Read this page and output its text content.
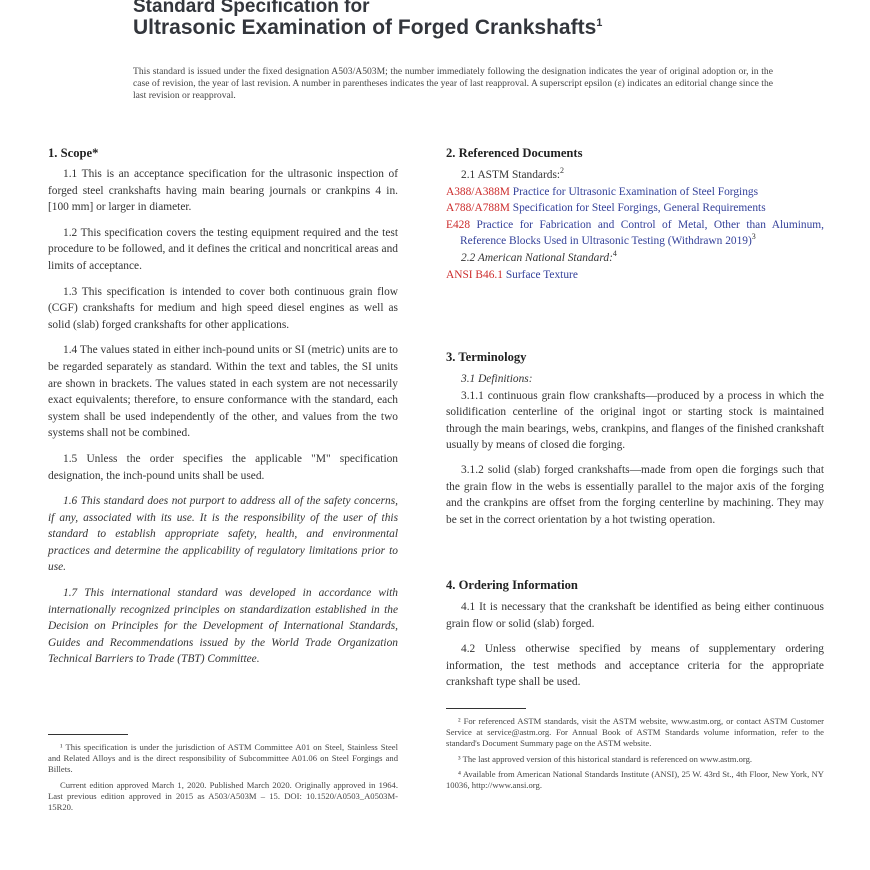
Standard Specification for
Ultrasonic Examination of Forged Crankshafts$^1$
This standard is issued under the fixed designation A503/A503M; the number immediately following the designation indicates the year of original adoption or, in the case of revision, the year of last revision. A number in parentheses indicates the year of last reapproval. A superscript epsilon (ε) indicates an editorial change since the last revision or reapproval.

1. Scope*

1.1 This is an acceptance specification for the ultrasonic inspection of forged steel crankshafts having main bearing journals or crankpins 4 in. [100 mm] or larger in diameter.

1.2 This specification covers the testing equipment required and the test procedure to be followed, and it defines the critical and noncritical areas and limits of acceptance.

1.3 This specification is intended to cover both continuous grain flow (CGF) crankshafts for medium and high speed diesel engines as well as solid (slab) forged crankshafts for other applications.

1.4 The values stated in either inch-pound units or SI (metric) units are to be regarded separately as standard. Within the text and tables, the SI units are shown in brackets. The values stated in each system are not necessarily exact equivalents; therefore, to ensure conformance with the standard, each system shall be used independently of the other, and values from the two systems shall not be combined.

1.5 Unless the order specifies the applicable "M" specification designation, the inch-pound units shall be used.

1.6 This standard does not purport to address all of the safety concerns, if any, associated with its use. It is the responsibility of the user of this standard to establish appropriate safety, health, and environmental practices and determine the applicability of regulatory limitations prior to use.

1.7 This international standard was developed in accordance with internationally recognized principles on standardization established in the Decision on Principles for the Development of International Standards, Guides and Recommendations issued by the World Trade Organization Technical Barriers to Trade (TBT) Committee.

¹ This specification is under the jurisdiction of ASTM Committee A01 on Steel, Stainless Steel and Related Alloys and is the direct responsibility of Subcommittee A01.06 on Steel Forgings and Billets.

Current edition approved March 1, 2020. Published March 2020. Originally approved in 1964. Last previous edition approved in 2015 as A503/A503M – 15. DOI: 10.1520/A0503_A0503M-15R20.

2. Referenced Documents

2.1 ASTM Standards:$^2$

A388/A388M Practice for Ultrasonic Examination of Steel Forgings

A788/A788M Specification for Steel Forgings, General Requirements

E428 Practice for Fabrication and Control of Metal, Other than Aluminum, Reference Blocks Used in Ultrasonic Testing (Withdrawn 2019)$^3$

2.2 American National Standard:$^4$

ANSI B46.1 Surface Texture

3. Terminology

3.1 Definitions:

3.1.1 continuous grain flow crankshafts—produced by a process in which the solidification centerline of the original ingot or starting stock is maintained through the main bearings, webs, crankpins, and flanges of the finished crankshaft usually by means of closed die forging.

3.1.2 solid (slab) forged crankshafts—made from open die forgings such that the grain flow in the webs is essentially parallel to the major axis of the forging and the crankpins are offset from the forging centerline by machining. They may be set in the correct orientation by a hot twisting operation.

4. Ordering Information

4.1 It is necessary that the crankshaft be identified as being either continuous grain flow or solid (slab) forged.

4.2 Unless otherwise specified by means of supplementary ordering information, the test methods and acceptance criteria for the appropriate crankshaft type shall be used.

² For referenced ASTM standards, visit the ASTM website, www.astm.org, or contact ASTM Customer Service at service@astm.org. For Annual Book of ASTM Standards volume information, refer to the standard's Document Summary page on the ASTM website.

³ The last approved version of this historical standard is referenced on www.astm.org.

⁴ Available from American National Standards Institute (ANSI), 25 W. 43rd St., 4th Floor, New York, NY 10036, http://www.ansi.org.
